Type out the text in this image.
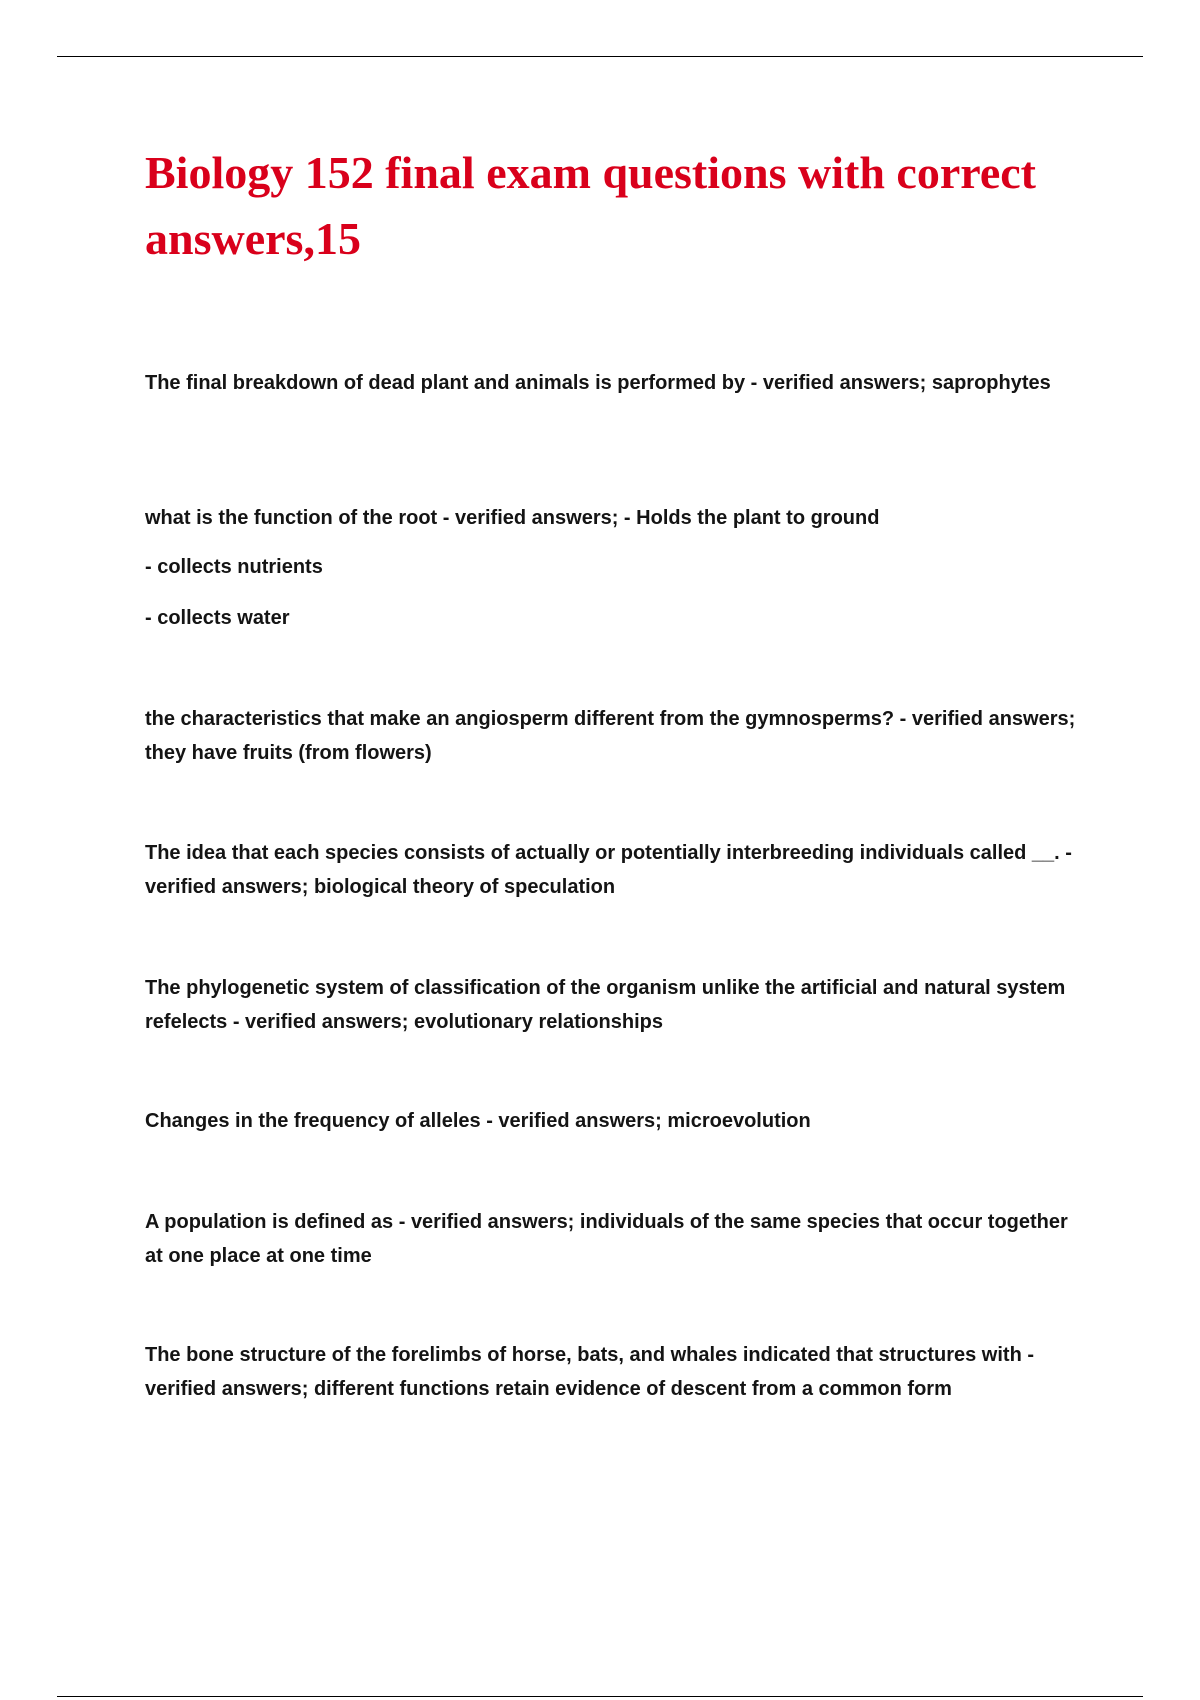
Biology 152 final exam questions with correct answers,15

The final breakdown of dead plant and animals is performed by - verified answers; saprophytes

what is the function of the root - verified answers; - Holds the plant to ground

- collects nutrients

- collects water

the characteristics that make an angiosperm different from the gymnosperms? - verified answers; they have fruits (from flowers)

The idea that each species consists of actually or potentially interbreeding individuals called __. - verified answers; biological theory of speculation

The phylogenetic system of classification of the organism unlike the artificial and natural system refelects - verified answers; evolutionary relationships

Changes in the frequency of alleles - verified answers; microevolution

A population is defined as - verified answers; individuals of the same species that occur together at one place at one time

The bone structure of the forelimbs of horse, bats, and whales indicated that structures with - verified answers; different functions retain evidence of descent from a common form
